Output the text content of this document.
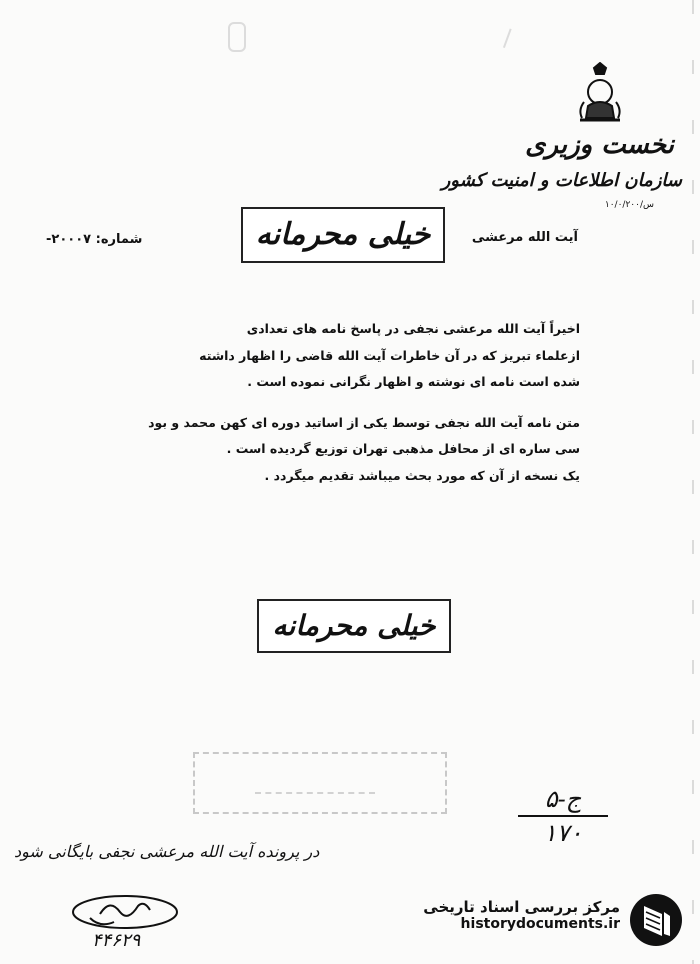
نخست وزیری
سازمان اطلاعات و امنیت کشور
س/۱۰/۰/۲۰۰
خیلی محرمانه	آیت الله مرعشی
شماره: ۲۰۰۰۷-

اخیراً آیت الله مرعشی نجفی در پاسخ نامه های تعدادی

ازعلماء تبریز که در آن خاطرات آیت الله قاضی را اظهار داشته

شده است نامه ای نوشته و اظهار نگرانی نموده است .

متن نامه آیت الله نجفی توسط یکی از اساتید دوره ای کهن محمد و بود

سی ساره ای از محافل مذهبی تهران توزیع گردیده است .

یک نسخه از آن که مورد بحث میباشد تقدیم میگردد .

خیلی محرمانه
۵-ج
۱۷۰
در پرونده آیت الله مرعشی نجفی بایگانی شود
۴۴۶۲۹
مرکز بررسی اسناد تاریخی
historydocuments.ir
